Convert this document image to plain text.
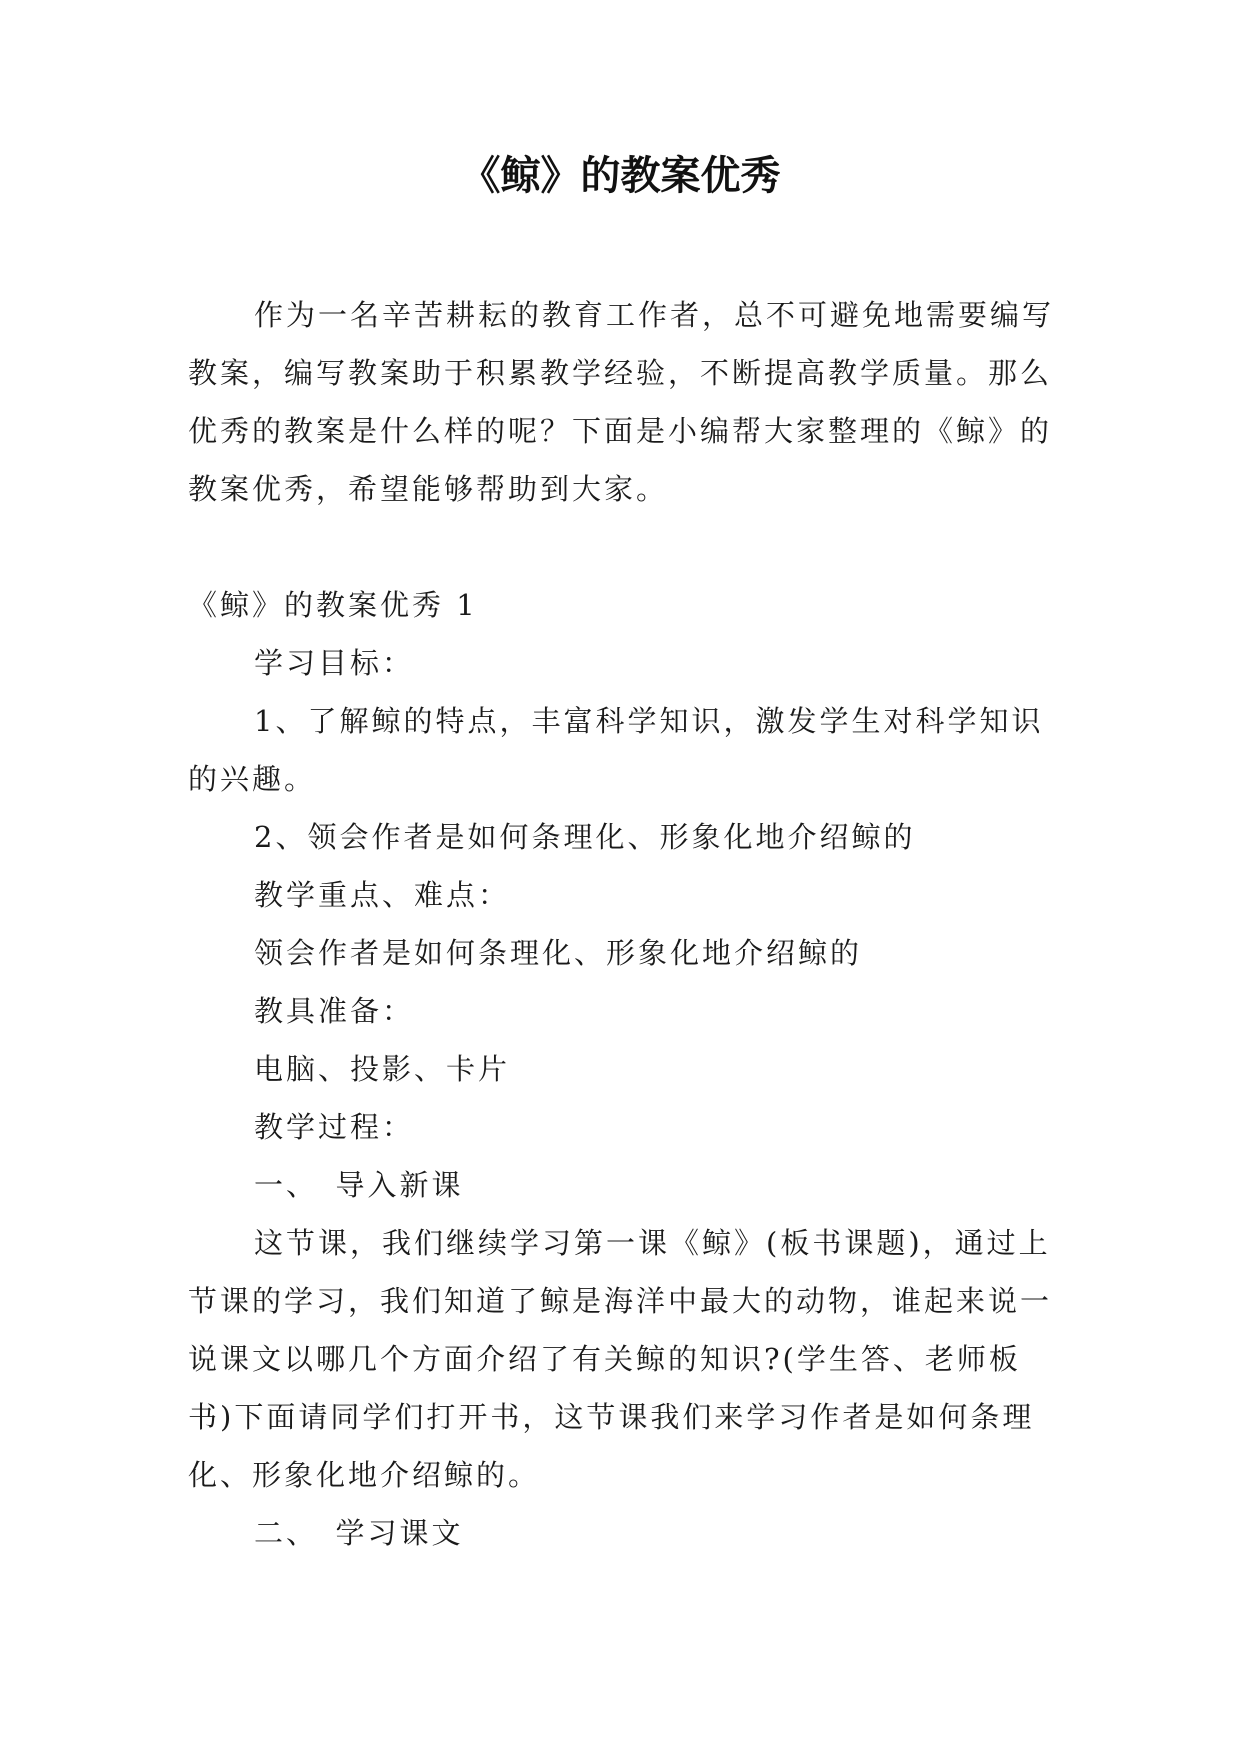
《鲸》的教案优秀

作为一名辛苦耕耘的教育工作者，总不可避免地需要编写教案，编写教案助于积累教学经验，不断提高教学质量。那么优秀的教案是什么样的呢？下面是小编帮大家整理的《鲸》的教案优秀，希望能够帮助到大家。

《鲸》的教案优秀 1

学习目标：

1、了解鲸的特点，丰富科学知识，激发学生对科学知识的兴趣。

2、领会作者是如何条理化、形象化地介绍鲸的

教学重点、难点：

领会作者是如何条理化、形象化地介绍鲸的

教具准备：

电脑、投影、卡片

教学过程：

一、　导入新课

这节课，我们继续学习第一课《鲸》(板书课题)，通过上节课的学习，我们知道了鲸是海洋中最大的动物，谁起来说一说课文以哪几个方面介绍了有关鲸的知识?(学生答、老师板书)下面请同学们打开书，这节课我们来学习作者是如何条理化、形象化地介绍鲸的。

二、　学习课文
